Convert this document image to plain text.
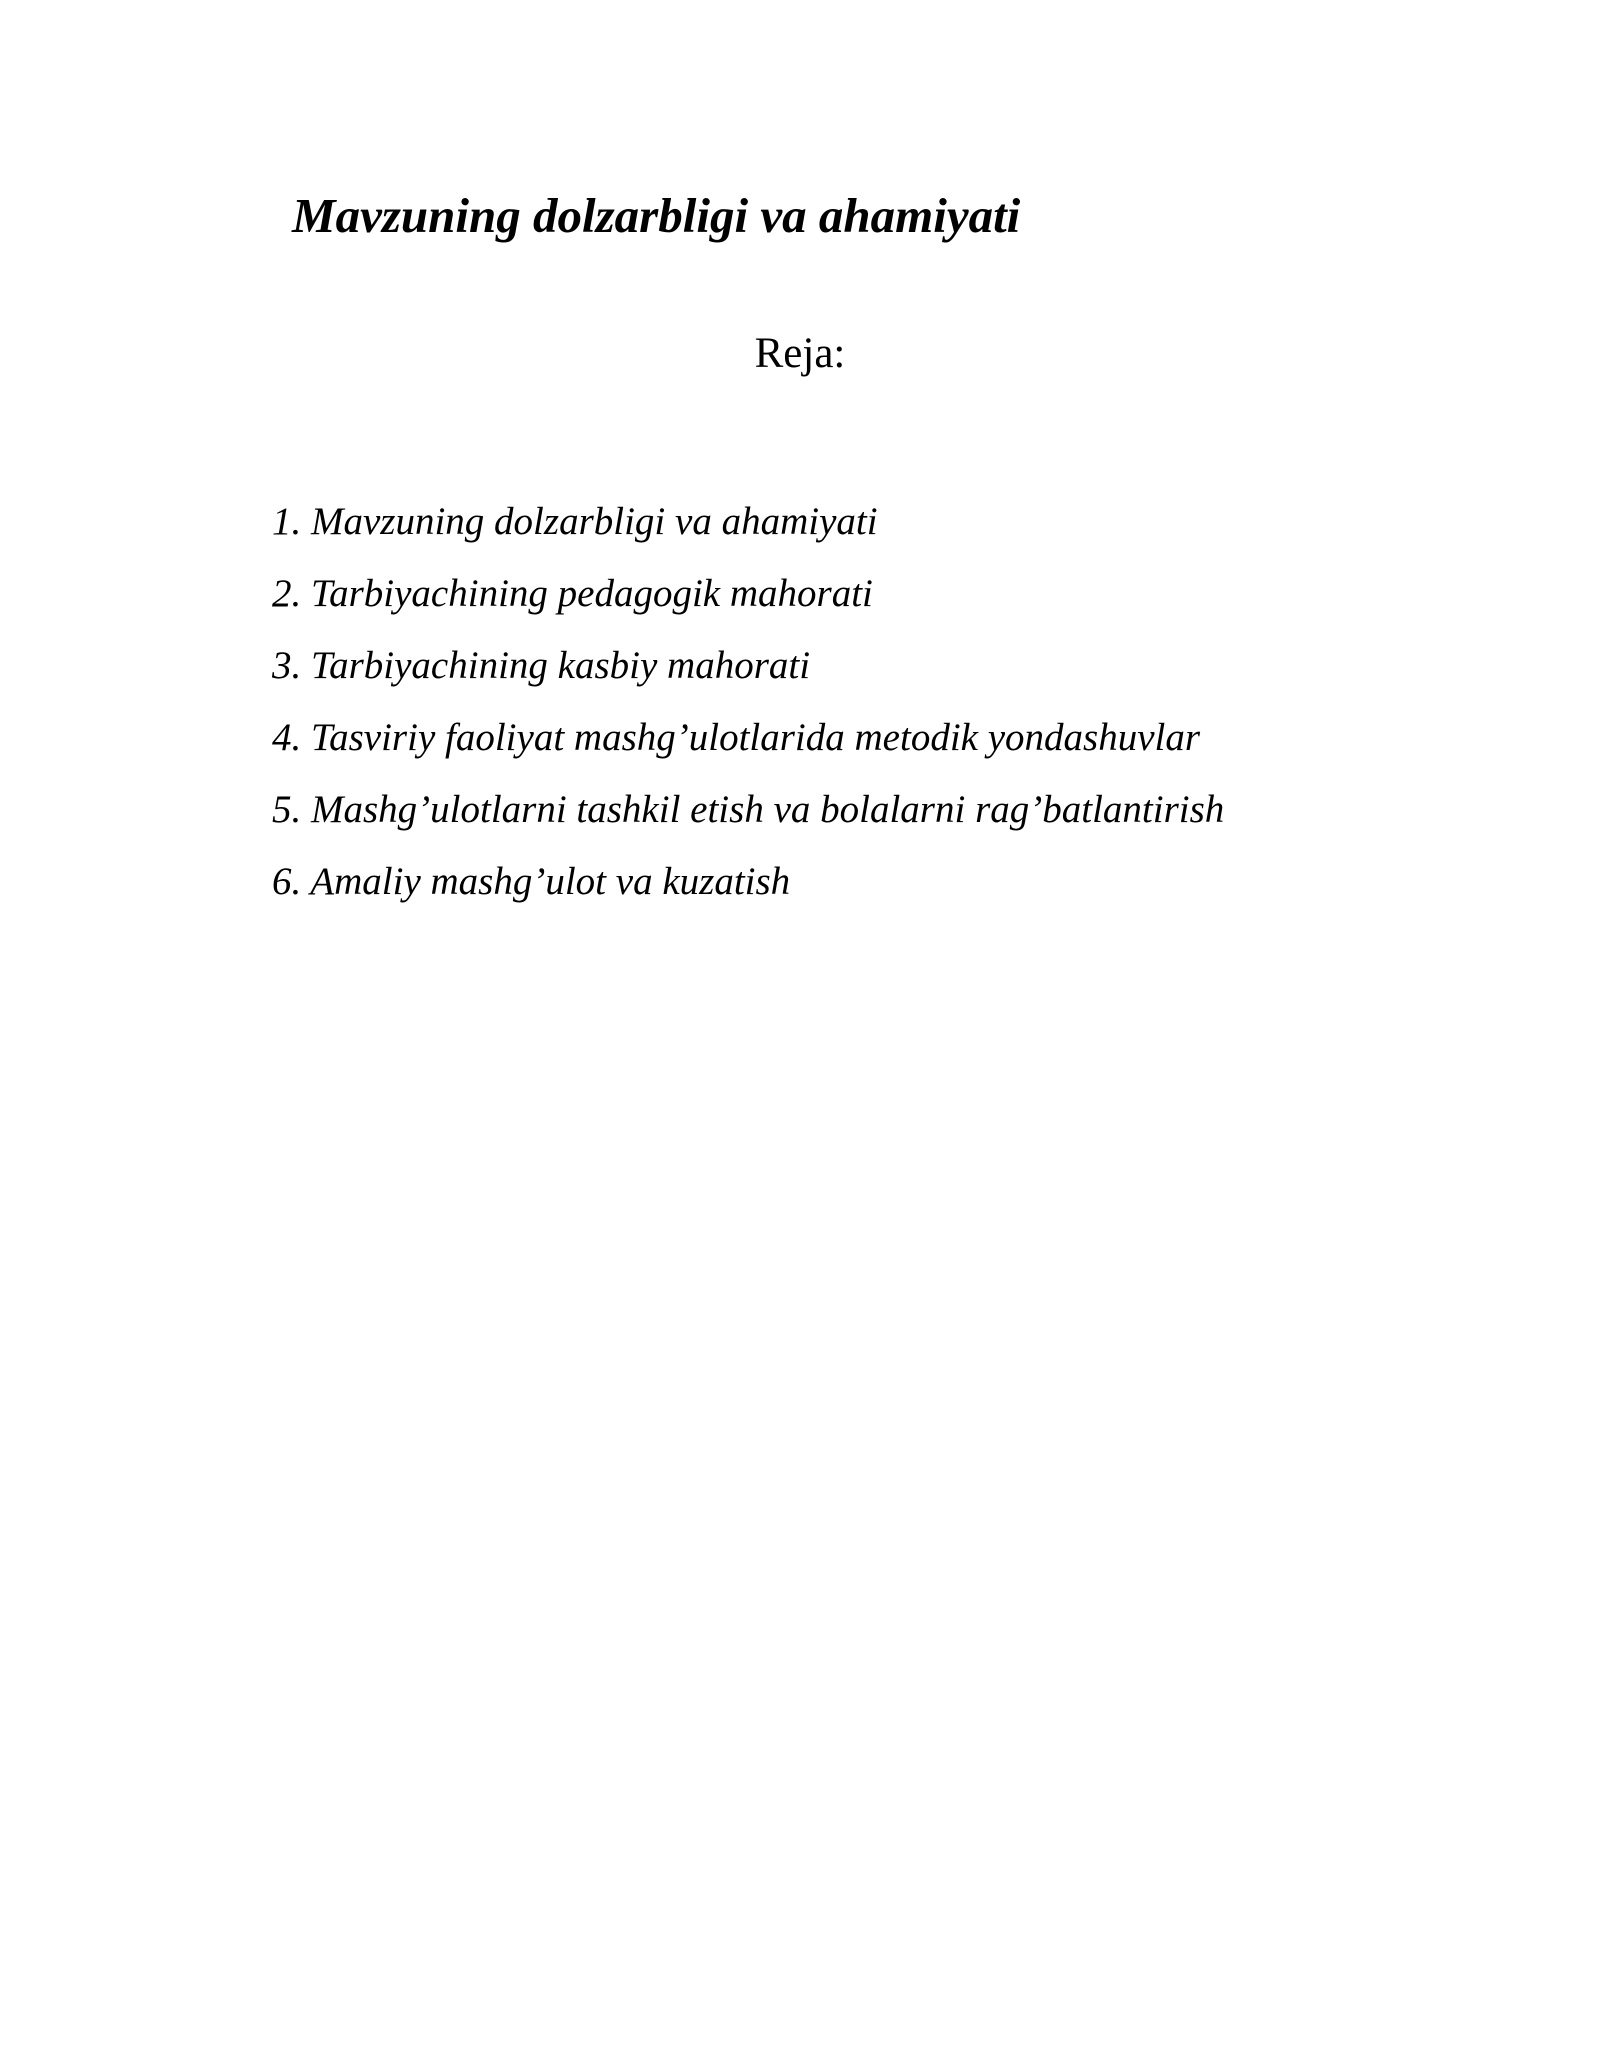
Mavzuning dolzarbligi va ahamiyati
Reja:
1. Mavzuning dolzarbligi va ahamiyati
2. Tarbiyachining pedagogik mahorati
3. Tarbiyachining kasbiy mahorati
4. Tasviriy faoliyat mashg’ulotlarida metodik yondashuvlar
5. Mashg’ulotlarni tashkil etish va bolalarni rag’batlantirish
6. Amaliy mashg’ulot va kuzatish
